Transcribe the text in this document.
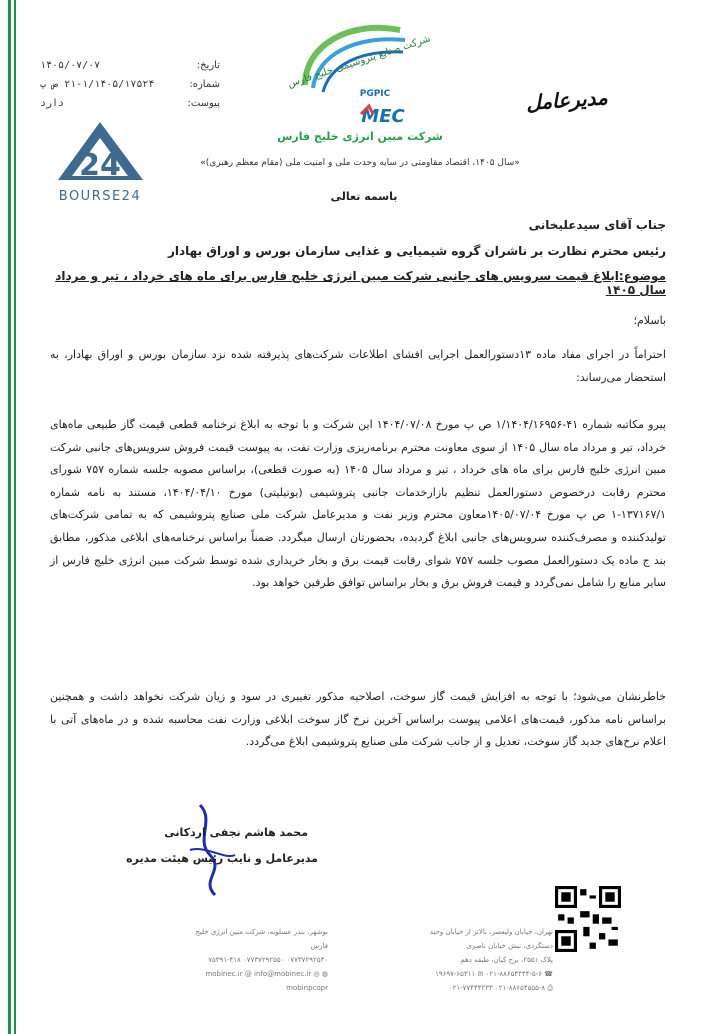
تاریخ:
۱۴۰۵/۰۷/۰۷
شماره:
۲۱-۱/۱۴۰۵/۱۷۵۲۴ ص پ
پیوست:
دارد
شرکت صنایع پتروشیمی خلیج فارس
PGPIC
MEC
شرکت مبین انرژی خلیج فارس
مدیرعامل
24
BOURSE24
«سال ۱۴۰۵، اقتصاد مقاومتی در سایه وحدت ملی و امنیت ملی (مقام معظم رهبری)»
باسمه تعالی
جناب آقای سیدعلیخانی
رئیس محترم نظارت بر ناشران گروه شیمیایی و غذایی سازمان بورس و اوراق بهادار
موضوع:ابلاغ قیمت سرویس های جانبی شرکت مبین انرژی خلیج فارس برای ماه های خرداد ، تیر و مرداد سال ۱۴۰۵
باسلام؛
احتراماً در اجرای مفاد ماده ۱۳دستورالعمل اجرایی افشای اطلاعات شرکت‌های پذیرفته شده نزد سازمان بورس و اوراق بهادار، به استحضار می‌رساند:
پیرو مکاتبه شماره ۴۱-۱/۱۴۰۴/۱۶۹۵۶ ص پ مورخ ۱۴۰۴/۰۷/۰۸ این شرکت و با توجه به ابلاغ نرخنامه قطعی قیمت گاز طبیعی ماه‌های خرداد، تیر و مرداد ماه سال ۱۴۰۵ از سوی معاونت محترم برنامه‌ریزی وزارت نفت، به پیوست قیمت فروش سرویس‌های جانبی شرکت مبین انرژی خلیج فارس برای ماه های خرداد ، تیر و مرداد سال ۱۴۰۵ (به صورت قطعی)، براساس مصوبه جلسه شماره ۷۵۷ شورای محترم رقابت درخصوص دستورالعمل تنظیم بازارخدمات جانبی پتروشیمی (یوتیلیتی) مورخ ۱۴۰۴/۰۴/۱۰، مستند به نامه شماره ۱۳۷۱۶۷/۱-۱ ص پ مورخ ۱۴۰۵/۰۷/۰۴معاون محترم وزیر نفت و مدیرعامل شرکت ملی صنایع پتروشیمی که به تمامی شرکت‌های تولیدکننده و مصرف‌کننده سرویس‌های جانبی ابلاغ گردیده، بحضورتان ارسال میگردد. ضمناً براساس نرخنامه‌های ابلاغی مذکور، مطابق بند ج ماده یک دستورالعمل مصوب جلسه ۷۵۷ شوای رقابت قیمت برق و بخار خریداری شده توسط شرکت مبین انرژی خلیج فارس از سایر منابع را شامل نمی‌گردد و قیمت فروش برق و بخار براساس توافق طرفین خواهد بود.
خاطرنشان می‌شود؛ با توجه به افزایش قیمت گاز سوخت، اصلاحیه مذکور تغییری در سود و زیان شرکت نخواهد داشت و همچنین براساس نامه مذکور، قیمت‌های اعلامی پیوست براساس آخرین نرخ گاز سوخت ابلاغی وزارت نفت محاسبه شده و در ماه‌های آتی با اعلام نرخ‌های جدید گاز سوخت، تعدیل و از جانب شرکت ملی صنایع پتروشیمی ابلاغ می‌گردد.
محمد هاشم نجفی اردکانی
مدیرعامل و نایب رئیس هیئت مدیره
تهران، خیابان ولیعصر، بالاتر از خیابان وحید دستگردی، نبش خیابان ناصری
پلاک ۲۵۵۱، برج کیان، طبقه دهم
☎ ۰۲۱-۸۸۶۵۴۴۴۴-۵-۶ ✉ ۱۹۶۹۷-۶۵۳۱۱
⎙ ۰۲۱-۸۸۶۵۴۵۵۵-۸ ۰۲۱-۷۷۴۴۴۲۳۳
بوشهر، بندر عسلویه، شرکت مبین انرژی خلیج فارس
۰۷۷۳۷۲۹۲۵۳۰ ۰۷۷۳۷۲۹۲۵۵۰ ۷۵۳۹۱-۴۱۸
◍ mobinec.ir @ info@mobinec.ir ◎ mobinpcopr
